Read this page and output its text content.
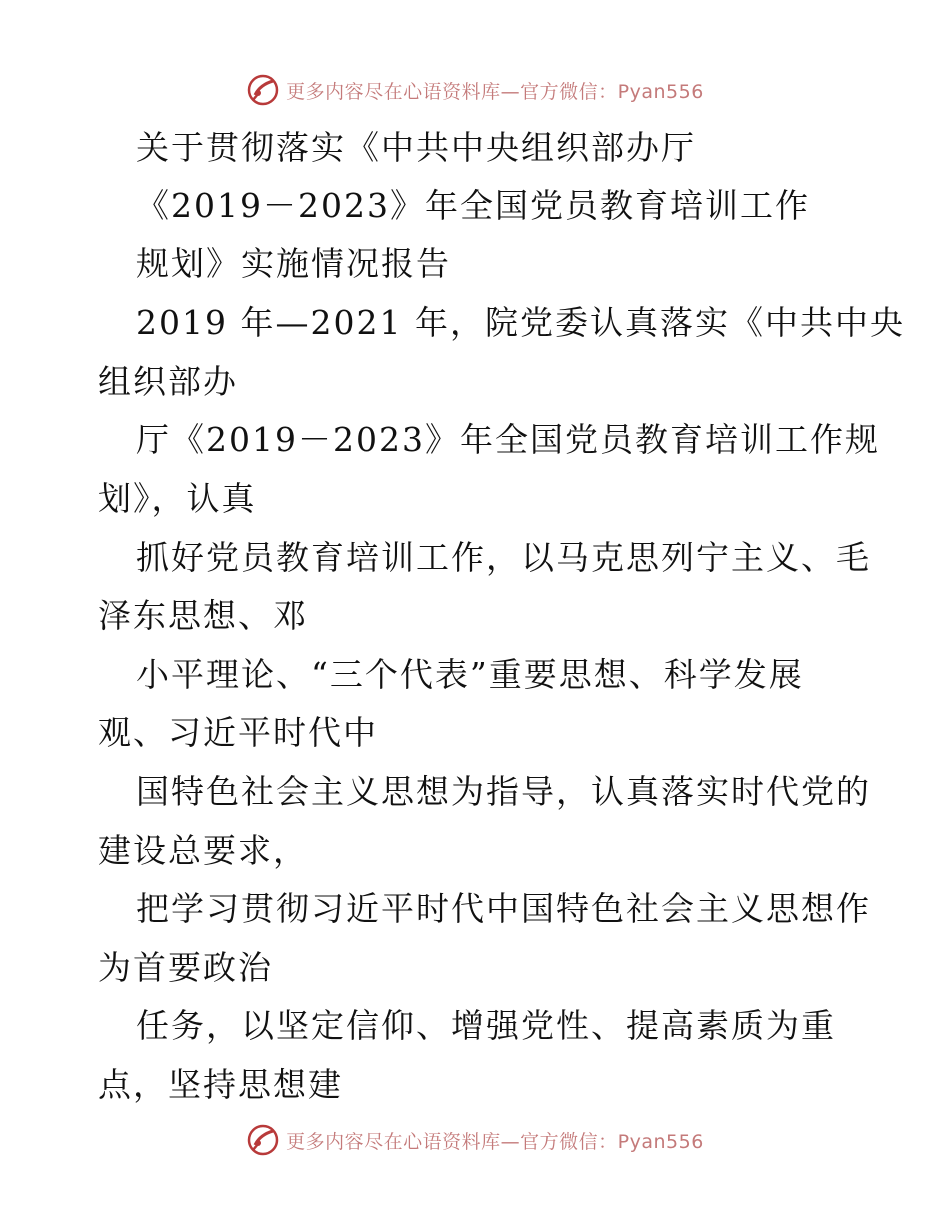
更多内容尽在心语资料库—官方微信：Pyan556
关于贯彻落实《中共中央组织部办厅
《2019－2023》年全国党员教育培训工作
规划》实施情况报告
2019 年—2021 年，院党委认真落实《中共中央
组织部办
厅《2019－2023》年全国党员教育培训工作规
划》，认真
抓好党员教育培训工作，以马克思列宁主义、毛
泽东思想、邓
小平理论、“三个代表”重要思想、科学发展
观、习近平时代中
国特色社会主义思想为指导，认真落实时代党的
建设总要求，
把学习贯彻习近平时代中国特色社会主义思想作
为首要政治
任务，以坚定信仰、增强党性、提高素质为重
点，坚持思想建
更多内容尽在心语资料库—官方微信：Pyan556
